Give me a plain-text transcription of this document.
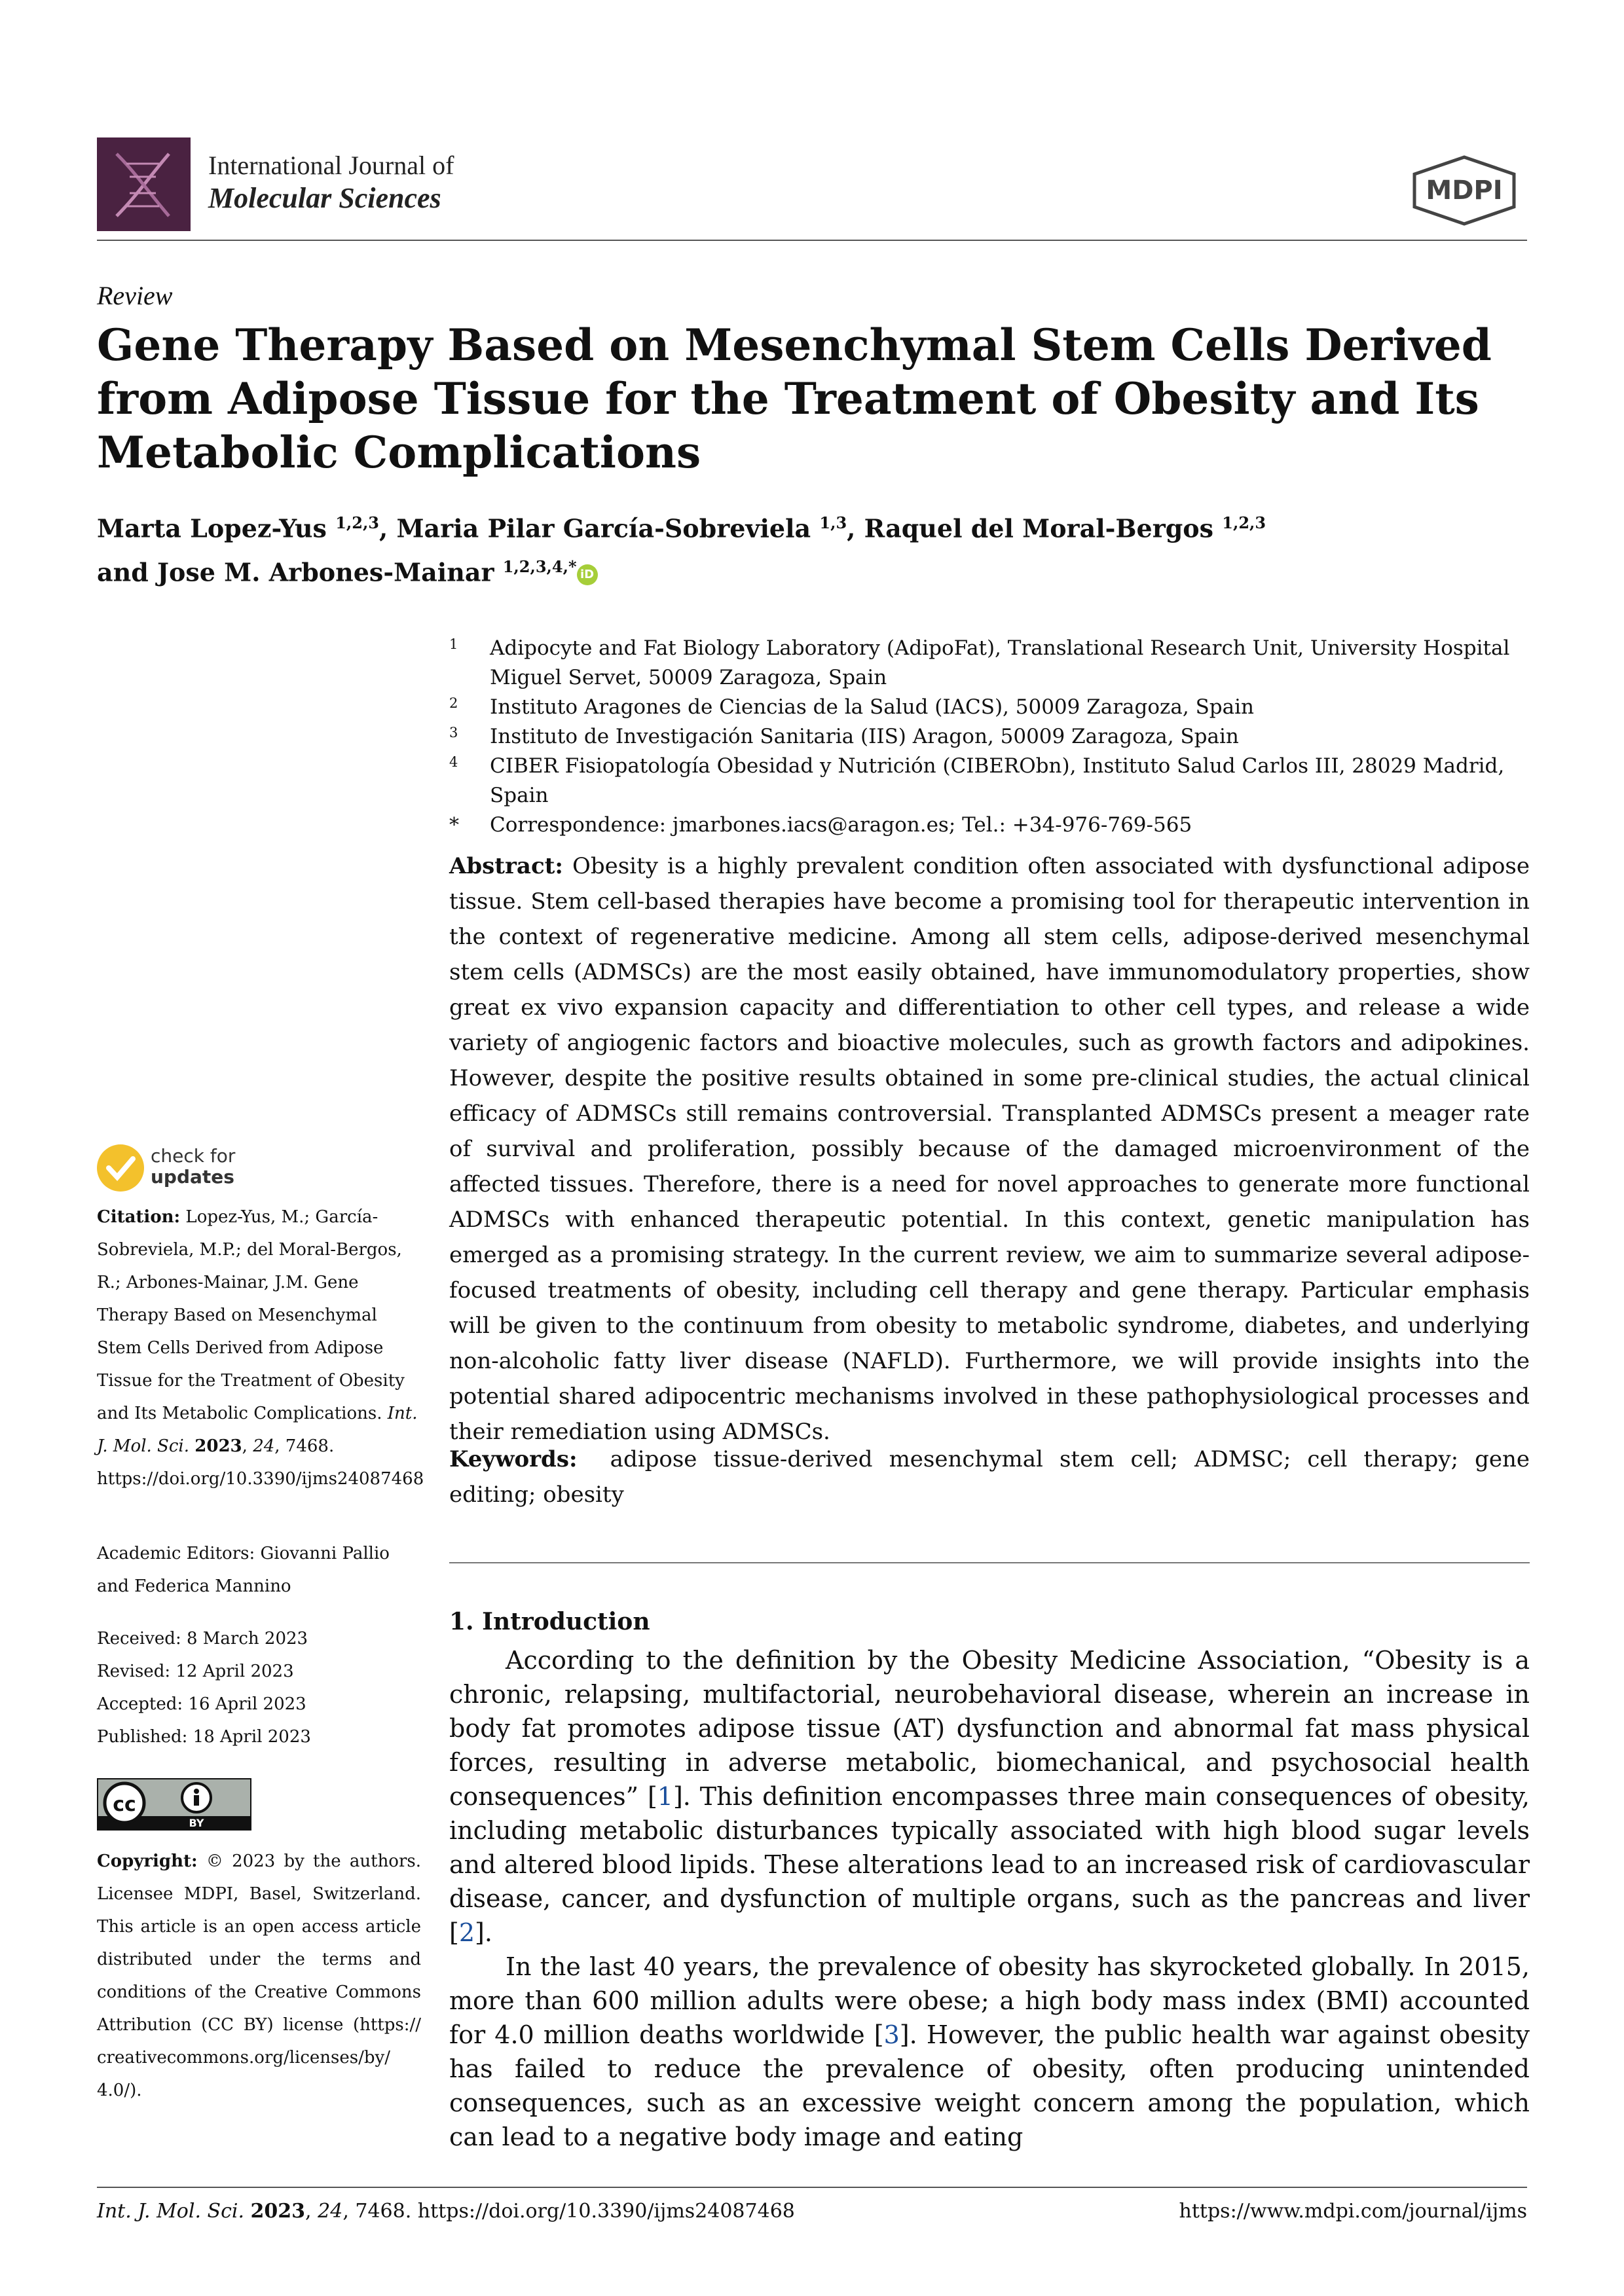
International Journal of
Molecular Sciences	MDPI
Review
Gene Therapy Based on Mesenchymal Stem Cells Derived from Adipose Tissue for the Treatment of Obesity and Its Metabolic Complications
Marta Lopez-Yus $^{1,2,3}$, Maria Pilar García-Sobreviela $^{1,3}$, Raquel del Moral-Bergos $^{1,2,3}$
and Jose M. Arbones-Mainar $^{1,2,3,4,*}$ iD
1 Adipocyte and Fat Biology Laboratory (AdipoFat), Translational Research Unit, University Hospital Miguel Servet, 50009 Zaragoza, Spain
2 Instituto Aragones de Ciencias de la Salud (IACS), 50009 Zaragoza, Spain
3 Instituto de Investigación Sanitaria (IIS) Aragon, 50009 Zaragoza, Spain
4 CIBER Fisiopatología Obesidad y Nutrición (CIBERObn), Instituto Salud Carlos III, 28029 Madrid, Spain
* Correspondence: jmarbones.iacs@aragon.es; Tel.: +34-976-769-565
Abstract: Obesity is a highly prevalent condition often associated with dysfunctional adipose tissue. Stem cell-based therapies have become a promising tool for therapeutic intervention in the context of regenerative medicine. Among all stem cells, adipose-derived mesenchymal stem cells (ADMSCs) are the most easily obtained, have immunomodulatory properties, show great ex vivo expansion capacity and differentiation to other cell types, and release a wide variety of angiogenic factors and bioactive molecules, such as growth factors and adipokines. However, despite the positive results obtained in some pre-clinical studies, the actual clinical efficacy of ADMSCs still remains controversial. Transplanted ADMSCs present a meager rate of survival and proliferation, possibly because of the damaged microenvironment of the affected tissues. Therefore, there is a need for novel approaches to generate more functional ADMSCs with enhanced therapeutic potential. In this context, genetic manipulation has emerged as a promising strategy. In the current review, we aim to summarize several adipose-focused treatments of obesity, including cell therapy and gene therapy. Particular emphasis will be given to the continuum from obesity to metabolic syndrome, diabetes, and underlying non-alcoholic fatty liver disease (NAFLD). Furthermore, we will provide insights into the potential shared adipocentric mechanisms involved in these pathophysiological processes and their remediation using ADMSCs.
Keywords: adipose tissue-derived mesenchymal stem cell; ADMSC; cell therapy; gene editing; obesity
check for
updates
Citation: Lopez-Yus, M.; García-Sobreviela, M.P.; del Moral-Bergos, R.; Arbones-Mainar, J.M. Gene Therapy Based on Mesenchymal Stem Cells Derived from Adipose Tissue for the Treatment of Obesity and Its Metabolic Complications. Int. J. Mol. Sci. 2023, 24, 7468. https://doi.org/10.3390/ijms24087468
Academic Editors: Giovanni Pallio and Federica Mannino
Received: 8 March 2023
Revised: 12 April 2023
Accepted: 16 April 2023
Published: 18 April 2023
cc
BY
Copyright: © 2023 by the authors. Licensee MDPI, Basel, Switzerland. This article is an open access article distributed under the terms and conditions of the Creative Commons Attribution (CC BY) license (https:// creativecommons.org/licenses/by/ 4.0/).
1. Introduction

According to the definition by the Obesity Medicine Association, “Obesity is a chronic, relapsing, multifactorial, neurobehavioral disease, wherein an increase in body fat promotes adipose tissue (AT) dysfunction and abnormal fat mass physical forces, resulting in adverse metabolic, biomechanical, and psychosocial health consequences” [1]. This definition encompasses three main consequences of obesity, including metabolic disturbances typically associated with high blood sugar levels and altered blood lipids. These alterations lead to an increased risk of cardiovascular disease, cancer, and dysfunction of multiple organs, such as the pancreas and liver [2].

In the last 40 years, the prevalence of obesity has skyrocketed globally. In 2015, more than 600 million adults were obese; a high body mass index (BMI) accounted for 4.0 million deaths worldwide [3]. However, the public health war against obesity has failed to reduce the prevalence of obesity, often producing unintended consequences, such as an excessive weight concern among the population, which can lead to a negative body image and eating

Int. J. Mol. Sci. 2023, 24, 7468. https://doi.org/10.3390/ijms24087468	https://www.mdpi.com/journal/ijms
